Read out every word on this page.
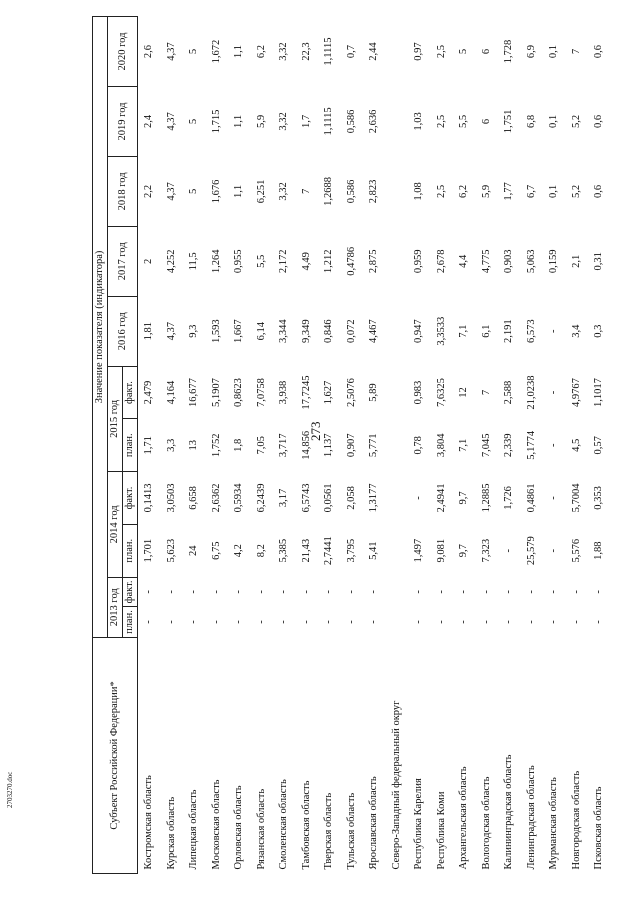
273
2703270.doc	Субъект Российской Федерации*	Значение показателя (индикатора)										
	2013 год		2014 год		2015 год		2016 год	2017 год	2018 год	2019 год	2020 год
	план.	факт.	план.	факт.	план.	факт.					
Костромская область	-	-	1,701	0,1413	1,71	2,479	1,81	2	2,2	2,4	2,6
Курская область	-	-	5,623	3,0503	3,3	4,164	4,37	4,252	4,37	4,37	4,37
Липецкая область	-	-	24	6,658	13	16,677	9,3	11,5	5	5	5
Московская область	-	-	6,75	2,6362	1,752	5,1907	1,593	1,264	1,676	1,715	1,672
Орловская область	-	-	4,2	0,5934	1,8	0,8623	1,667	0,955	1,1	1,1	1,1
Рязанская область	-	-	8,2	6,2439	7,05	7,0758	6,14	5,5	6,251	5,9	6,2
Смоленская область	-	-	5,385	3,17	3,717	3,938	3,344	2,172	3,32	3,32	3,32
Тамбовская область	-	-	21,43	6,5743	14,856	17,7245	9,349	4,49	7	1,7	22,3
Тверская область	-	-	2,7441	0,0561	1,137	1,627	0,846	1,212	1,2688	1,1115	1,1115
Тульская область	-	-	3,795	2,058	0,907	2,5076	0,072	0,4786	0,586	0,586	0,7
Ярославская область	-	-	5,41	1,3177	5,771	5,89	4,467	2,875	2,823	2,636	2,44
Северо-Западный федеральный округ											
Республика Карелия	-	-	1,497	-	0,78	0,983	0,947	0,959	1,08	1,03	0,97
Республика Коми	-	-	9,081	2,4941	3,804	7,6325	3,3533	2,678	2,5	2,5	2,5
Архангельская область	-	-	9,7	9,7	7,1	12	7,1	4,4	6,2	5,5	5
Вологодская область	-	-	7,323	1,2885	7,045	7	6,1	4,775	5,9	6	6
Калининградская область	-	-	-	1,726	2,339	2,588	2,191	0,903	1,77	1,751	1,728
Ленинградская область	-	-	25,579	0,4861	5,1774	21,0238	6,573	5,063	6,7	6,8	6,9
Мурманская область	-	-	-	-	-	-	-	0,159	0,1	0,1	0,1
Новгородская область	-	-	5,576	5,7004	4,5	4,9767	3,4	2,1	5,2	5,2	7
Псковская область	-	-	1,88	0,353	0,57	1,1017	0,3	0,31	0,6	0,6	0,6
